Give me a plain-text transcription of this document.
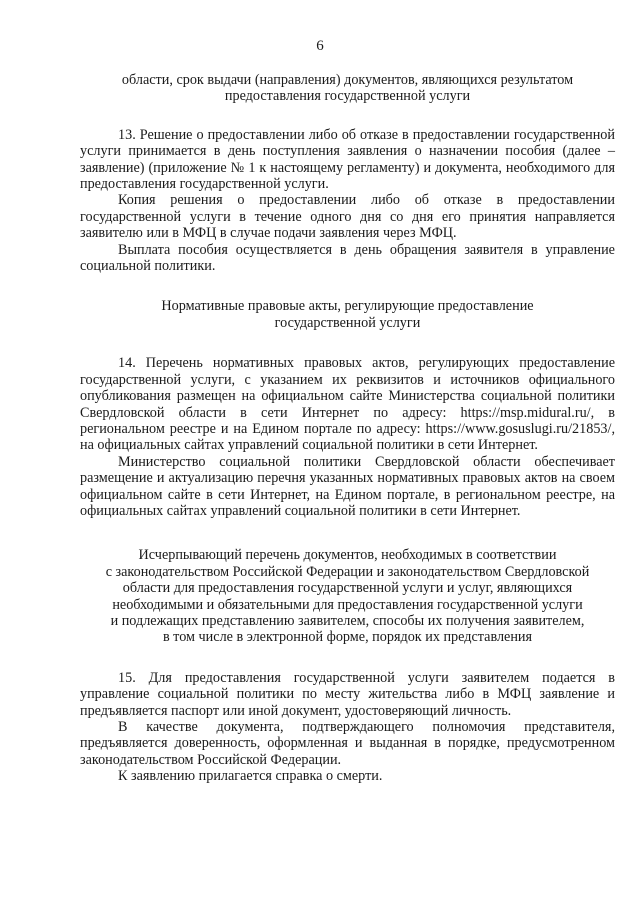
6
области, срок выдачи (направления) документов, являющихся результатом
предоставления государственной услуги

13. Решение о предоставлении либо об отказе в предоставлении государственной услуги принимается в день поступления заявления о назначении пособия (далее – заявление) (приложение № 1 к настоящему регламенту) и документа, необходимого для предоставления государственной услуги.

Копия решения о предоставлении либо об отказе в предоставлении государственной услуги в течение одного дня со дня его принятия направляется заявителю или в МФЦ в случае подачи заявления через МФЦ.

Выплата пособия осуществляется в день обращения заявителя в управление социальной политики.

Нормативные правовые акты, регулирующие предоставление
государственной услуги

14. Перечень нормативных правовых актов, регулирующих предоставление государственной услуги, с указанием их реквизитов и источников официального опубликования размещен на официальном сайте Министерства социальной политики Свердловской области в сети Интернет по адресу: https://msp.midural.ru/, в региональном реестре и на Едином портале по адресу: https://www.gosuslugi.ru/21853/, на официальных сайтах управлений социальной политики в сети Интернет.

Министерство социальной политики Свердловской области обеспечивает размещение и актуализацию перечня указанных нормативных правовых актов на своем официальном сайте в сети Интернет, на Едином портале, в региональном реестре, на официальных сайтах управлений социальной политики в сети Интернет.

Исчерпывающий перечень документов, необходимых в соответствии
с законодательством Российской Федерации и законодательством Свердловской
области для предоставления государственной услуги и услуг, являющихся
необходимыми и обязательными для предоставления государственной услуги
и подлежащих представлению заявителем, способы их получения заявителем,
в том числе в электронной форме, порядок их представления

15. Для предоставления государственной услуги заявителем подается в управление социальной политики по месту жительства либо в МФЦ заявление и предъявляется паспорт или иной документ, удостоверяющий личность.

В качестве документа, подтверждающего полномочия представителя, предъявляется доверенность, оформленная и выданная в порядке, предусмотренном законодательством Российской Федерации.

К заявлению прилагается справка о смерти.
